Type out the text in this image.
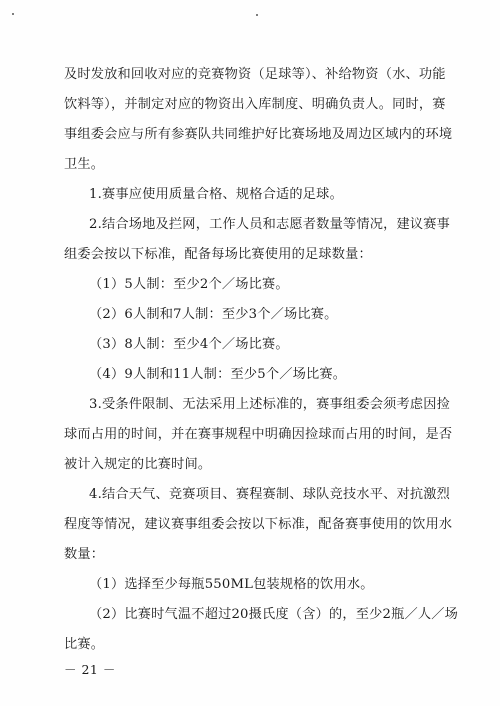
及时发放和回收对应的竞赛物资（足球等）、补给物资（水、功能
饮料等），并制定对应的物资出入库制度、明确负责人。同时，赛
事组委会应与所有参赛队共同维护好比赛场地及周边区域内的环境
卫生。
1.赛事应使用质量合格、规格合适的足球。
2.结合场地及拦网，工作人员和志愿者数量等情况，建议赛事
组委会按以下标准，配备每场比赛使用的足球数量：
（1）5人制：至少2个／场比赛。
（2）6人制和7人制：至少3个／场比赛。
（3）8人制：至少4个／场比赛。
（4）9人制和11人制：至少5个／场比赛。
3.受条件限制、无法采用上述标准的，赛事组委会须考虑因捡
球而占用的时间，并在赛事规程中明确因捡球而占用的时间，是否
被计入规定的比赛时间。
4.结合天气、竞赛项目、赛程赛制、球队竞技水平、对抗激烈
程度等情况，建议赛事组委会按以下标准，配备赛事使用的饮用水
数量：
（1）选择至少每瓶550ML包装规格的饮用水。
（2）比赛时气温不超过20摄氏度（含）的，至少2瓶／人／场
比赛。
－ 21 －
